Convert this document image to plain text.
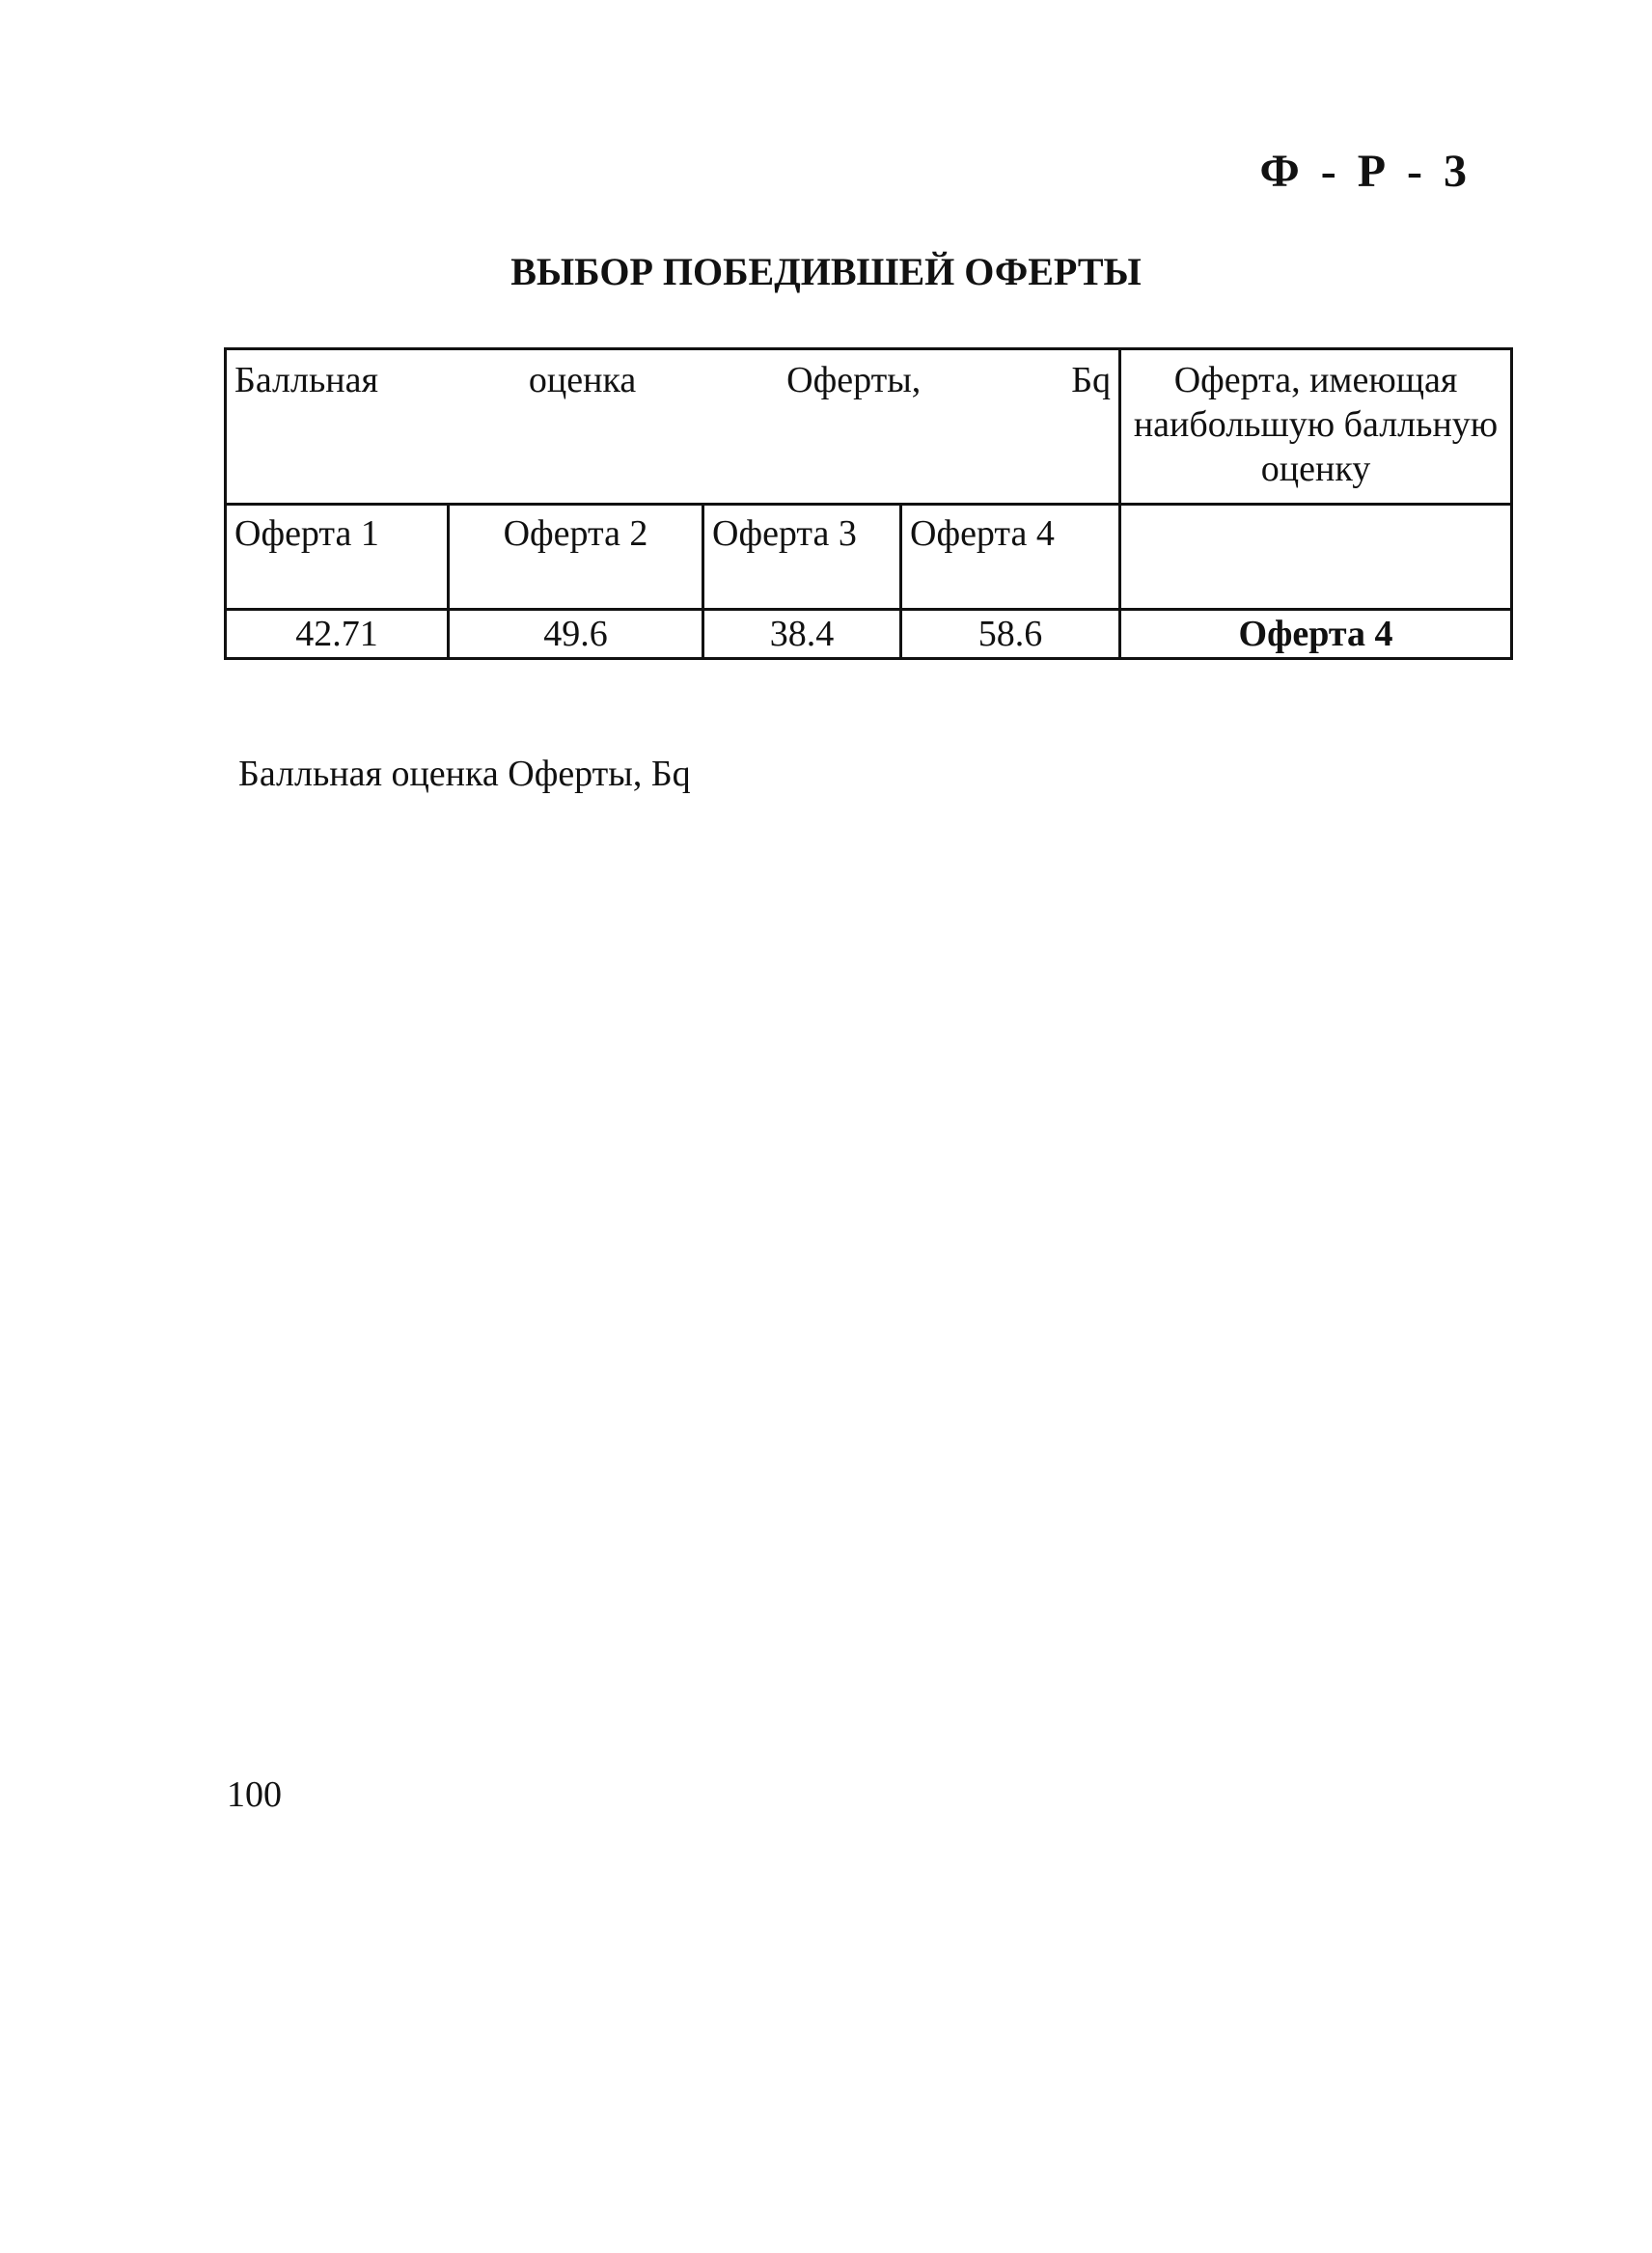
Ф - Р - 3
ВЫБОР ПОБЕДИВШЕЙ ОФЕРТЫ
Балльная оценка Оферты, Бq				Оферта, имеющая наибольшую балльную оценку
Оферта 1	Оферта 2	Оферта 3	Оферта 4	
42.71	49.6	38.4	58.6	Оферта 4
Балльная оценка Оферты, Бq
100
